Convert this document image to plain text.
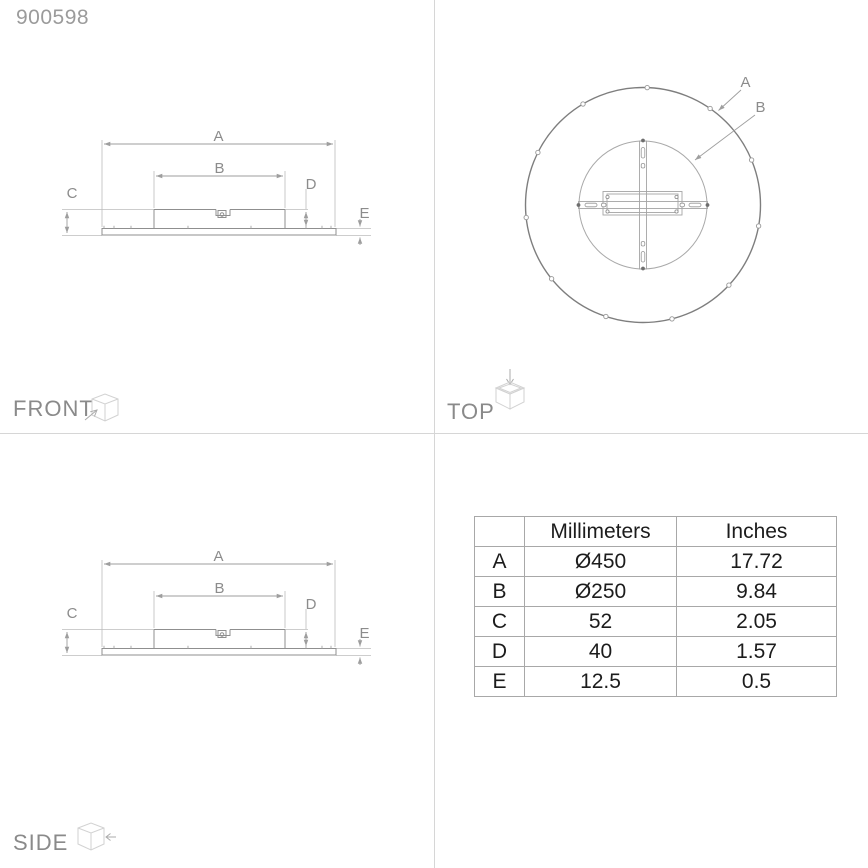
900598
A
B
	Millimeters	Inches
A	Ø450	17.72
B	Ø250	9.84
C	52	2.05
D	40	1.57
E	12.5	0.5
FRONT	TOP
SIDE
